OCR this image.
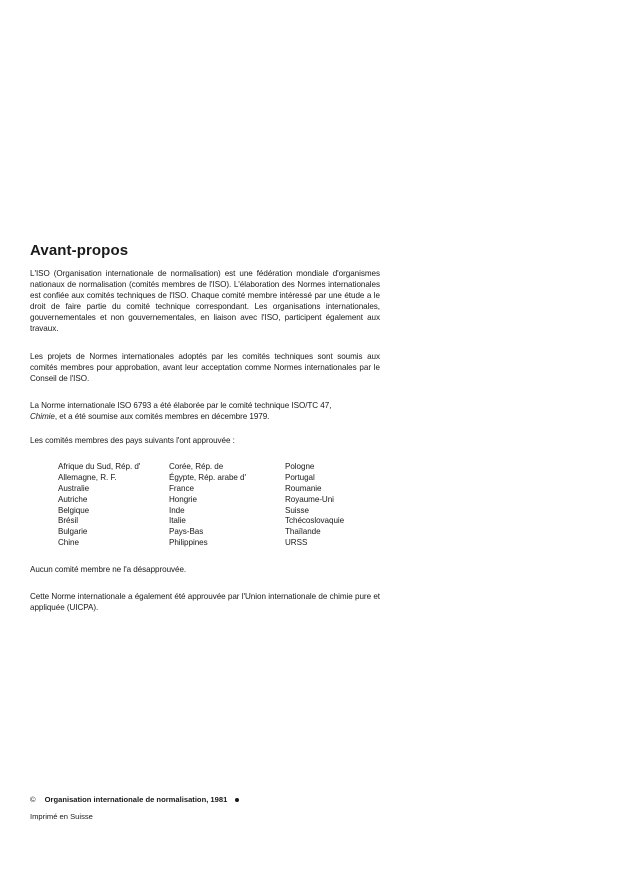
Avant-propos

L'ISO (Organisation internationale de normalisation) est une fédération mondiale d'organismes nationaux de normalisation (comités membres de l'ISO). L'élaboration des Normes internationales est confiée aux comités techniques de l'ISO. Chaque comité membre intéressé par une étude a le droit de faire partie du comité technique correspondant. Les organisations internationales, gouvernementales et non gouvernementales, en liaison avec l'ISO, participent également aux travaux.

Les projets de Normes internationales adoptés par les comités techniques sont soumis aux comités membres pour approbation, avant leur acceptation comme Normes internationales par le Conseil de l'ISO.

La Norme internationale ISO 6793 a été élaborée par le comité technique ISO/TC 47,
Chimie, et a été soumise aux comités membres en décembre 1979.

Les comités membres des pays suivants l'ont approuvée :

Afrique du Sud, Rép. d'
Allemagne, R. F.
Australie
Autriche
Belgique
Brésil
Bulgarie
Chine
Corée, Rép. de
Égypte, Rép. arabe d'
France
Hongrie
Inde
Italie
Pays-Bas
Philippines
Pologne
Portugal
Roumanie
Royaume-Uni
Suisse
Tchécoslovaquie
Thaïlande
URSS

Aucun comité membre ne l'a désapprouvée.

Cette Norme internationale a également été approuvée par l'Union internationale de chimie pure et appliquée (UICPA).

© Organisation internationale de normalisation, 1981
Imprimé en Suisse
